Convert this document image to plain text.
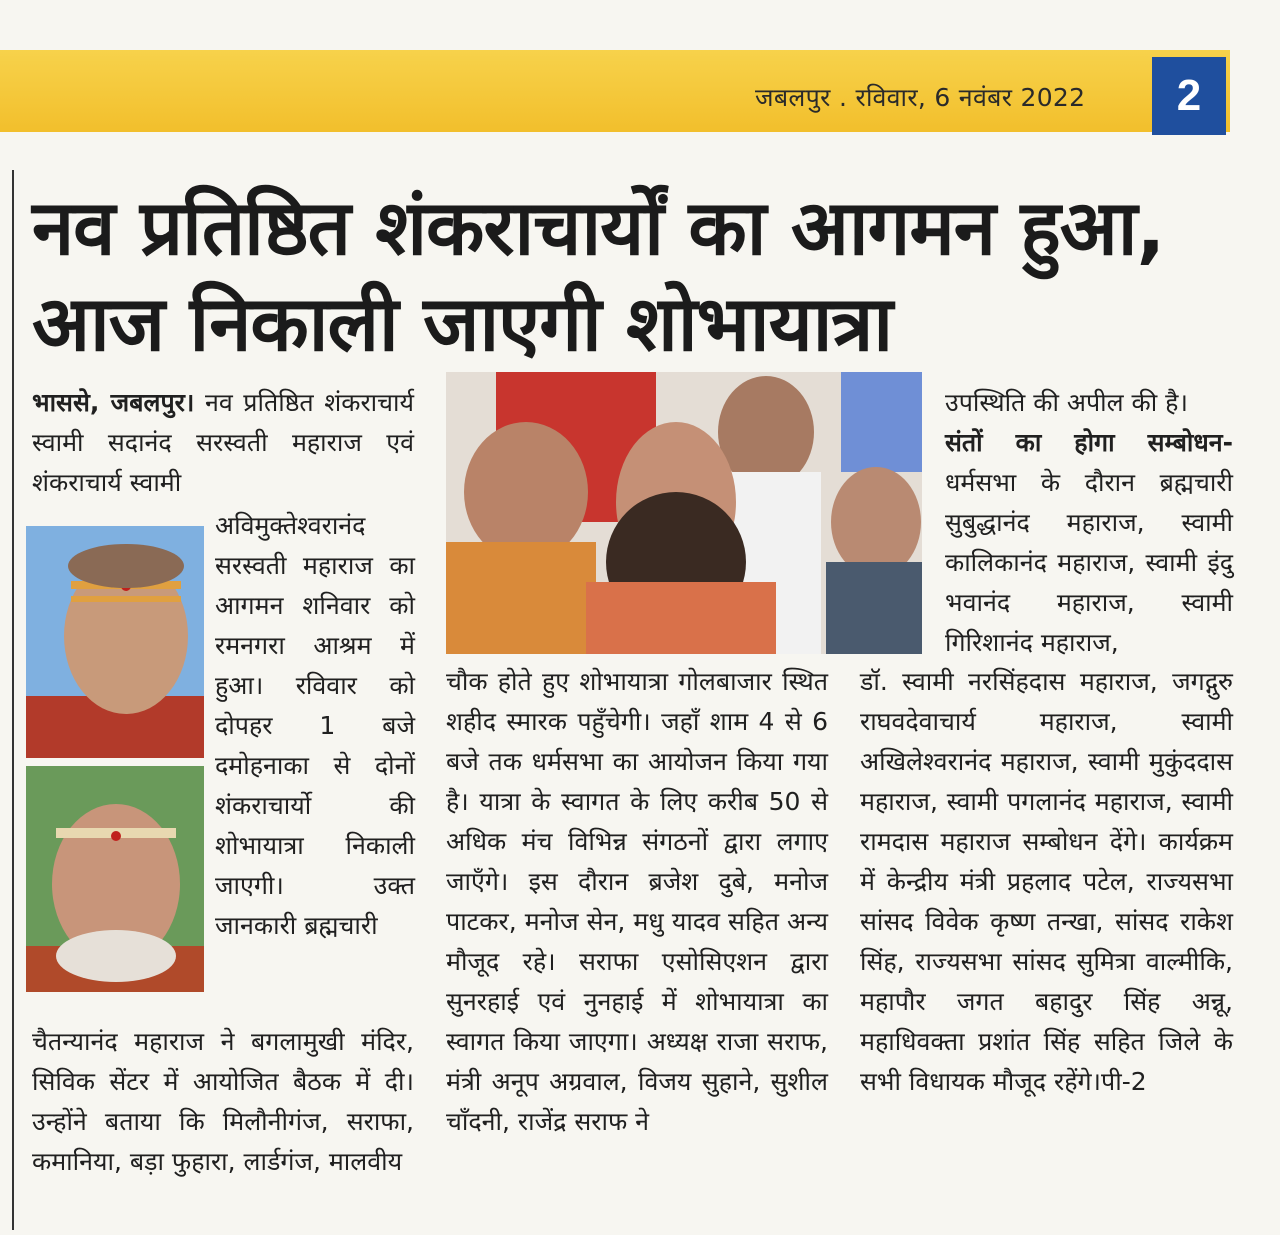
जबलपुर . रविवार, 6 नवंबर 2022	2
नव प्रतिष्ठित शंकराचार्यों का आगमन हुआ, आज निकाली जाएगी शोभायात्रा

भाससे, जबलपुर। नव प्रतिष्ठित शंकराचार्य स्वामी सदानंद सरस्वती महाराज एवं शंकराचार्य स्वामी

अविमुक्तेश्वरानंद सरस्वती महाराज का आगमन शनिवार को रमनगरा आश्रम में हुआ। रविवार को दोपहर 1 बजे दमोहनाका से दोनों शंकराचार्यो की शोभायात्रा निकाली जाएगी। उक्त जानकारी ब्रह्मचारी

चैतन्यानंद महाराज ने बगलामुखी मंदिर, सिविक सेंटर में आयोजित बैठक में दी। उन्होंने बताया कि मिलौनीगंज, सराफा, कमानिया, बड़ा फुहारा, लार्डगंज, मालवीय

चौक होते हुए शोभायात्रा गोलबाजार स्थित शहीद स्मारक पहुँचेगी। जहाँ शाम 4 से 6 बजे तक धर्मसभा का आयोजन किया गया है। यात्रा के स्वागत के लिए करीब 50 से अधिक मंच विभिन्न संगठनों द्वारा लगाए जाएँगे। इस दौरान ब्रजेश दुबे, मनोज पाटकर, मनोज सेन, मधु यादव सहित अन्य मौजूद रहे। सराफा एसोसिएशन द्वारा सुनरहाई एवं नुनहाई में शोभायात्रा का स्वागत किया जाएगा। अध्यक्ष राजा सराफ, मंत्री अनूप अग्रवाल, विजय सुहाने, सुशील चाँदनी, राजेंद्र सराफ ने

उपस्थिति की अपील की है।

संतों का होगा सम्बोधन- धर्मसभा के दौरान ब्रह्मचारी सुबुद्धानंद महाराज, स्वामी कालिकानंद महाराज, स्वामी इंदु भवानंद महाराज, स्वामी गिरिशानंद महाराज,

डॉ. स्वामी नरसिंहदास महाराज, जगद्गुरु राघवदेवाचार्य महाराज, स्वामी अखिलेश्वरानंद महाराज, स्वामी मुकुंददास महाराज, स्वामी पगलानंद महाराज, स्वामी रामदास महाराज सम्बोधन देंगे। कार्यक्रम में केन्द्रीय मंत्री प्रहलाद पटेल, राज्यसभा सांसद विवेक कृष्ण तन्खा, सांसद राकेश सिंह, राज्यसभा सांसद सुमित्रा वाल्मीकि, महापौर जगत बहादुर सिंह अन्नू, महाधिवक्ता प्रशांत सिंह सहित जिले के सभी विधायक मौजूद रहेंगे।पी-2
